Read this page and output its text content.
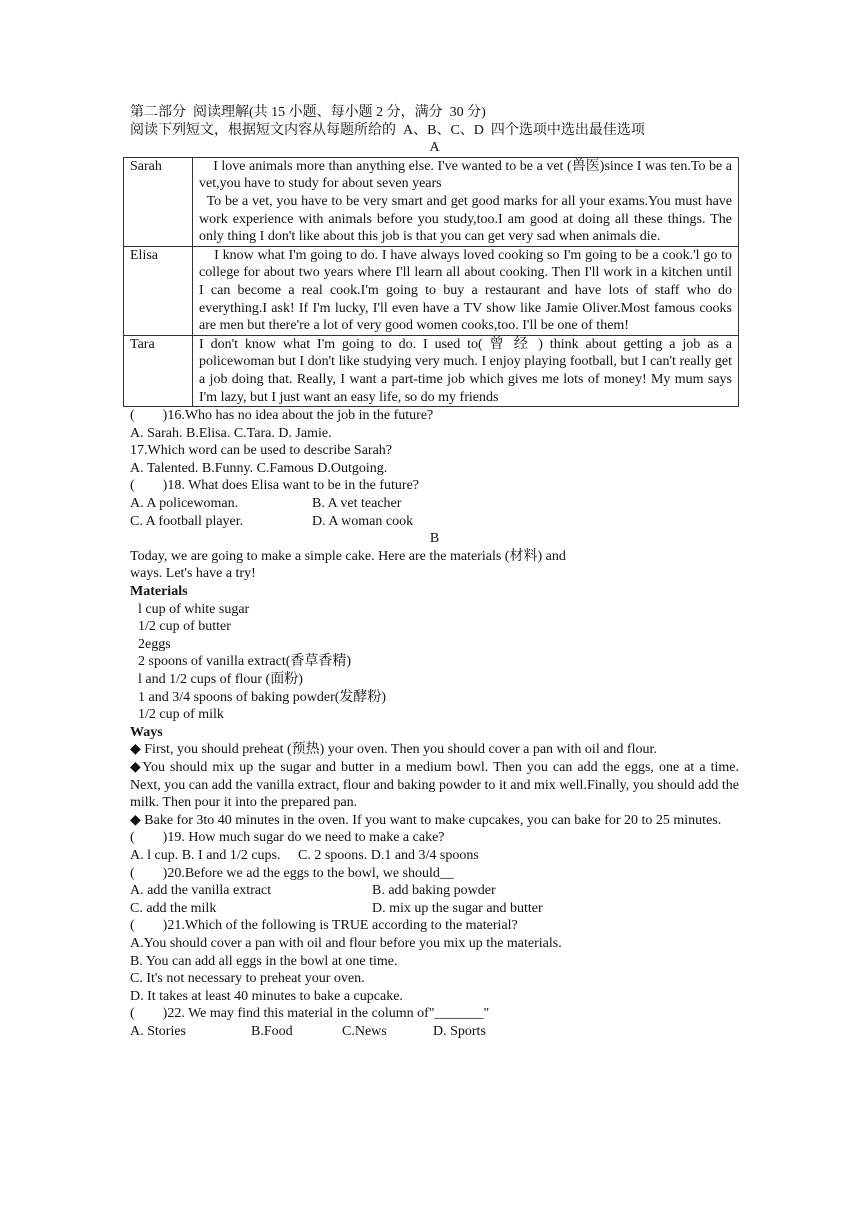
第二部分  阅读理解(共 15 小题、每小题 2 分，满分  30 分)
阅读下列短文，根据短文内容从每题所给的  A、B、C、D  四个选项中选出最佳选项
A
Sarah	I love animals more than anything else. I've wanted to be a vet (兽医)since I was ten.To be a vet,you have to study for about seven years

To be a vet, you have to be very smart and get good marks for all your exams.You must have work experience with animals before you study,too.I am good at doing all these things. The only thing I don't like about this job is that you can get very sad when animals die.

Elisa	I know what I'm going to do. I have always loved cooking so I'm going to be a cook.'l go to college for about two years where I'll learn all about cooking. Then I'll work in a kitchen until I can become a real cook.I'm going to buy a restaurant and have lots of staff who do everything.I ask! If I'm lucky, I'll even have a TV show like Jamie Oliver.Most famous cooks are men but there're a lot of very good women cooks,too. I'll be one of them!

Tara	I don't know what I'm going to do. I used to( 曾 经 ) think about getting a job as a policewoman but I don't like studying very much. I enjoy playing football, but I can't really get a job doing that. Really, I want a part-time job which gives me lots of money! My mum says I'm lazy, but I just want an easy life, so do my friends

(        )16.Who has no idea about the job in the future?
A. Sarah. B.Elisa. C.Tara. D. Jamie.
17.Which word can be used to describe Sarah?
A. Talented. B.Funny. C.Famous D.Outgoing.
(        )18. What does Elisa want to be in the future?
A. A policewoman.	B. A vet teacher
C. A football player.	D. A woman cook
B
Today, we are going to make a simple cake. Here are the materials (材料) and
ways. Let's have a try!
Materials
l cup of white sugar
1/2 cup of butter
2eggs
2 spoons of vanilla extract(香草香精)
l and 1/2 cups of flour (面粉)
1 and 3/4 spoons of baking powder(发酵粉)
1/2 cup of milk
Ways
◆ First, you should preheat (预热) your oven. Then you should cover a pan with oil and flour.
◆You should mix up the sugar and butter in a medium bowl. Then you can add the eggs, one at a time. Next, you can add the vanilla extract, flour and baking powder to it and mix well.Finally, you should add the milk. Then pour it into the prepared pan.
◆ Bake for 3to 40 minutes in the oven. If you want to make cupcakes, you can bake for 20 to 25 minutes.
(        )19. How much sugar do we need to make a cake?
A. l cup. B. I and 1/2 cups.     C. 2 spoons. D.1 and 3/4 spoons
(        )20.Before we ad the eggs to the bowl, we should__
A. add the vanilla extract	B. add baking powder
C. add the milk	D. mix up the sugar and butter
(        )21.Which of the following is TRUE according to the material?
A.You should cover a pan with oil and flour before you mix up the materials.
B. You can add all eggs in the bowl at one time.
C. It's not necessary to preheat your oven.
D. It takes at least 40 minutes to bake a cupcake.
(        )22. We may find this material in the column of"_______"
A. Stories	B.Food	C.News	D. Sports
